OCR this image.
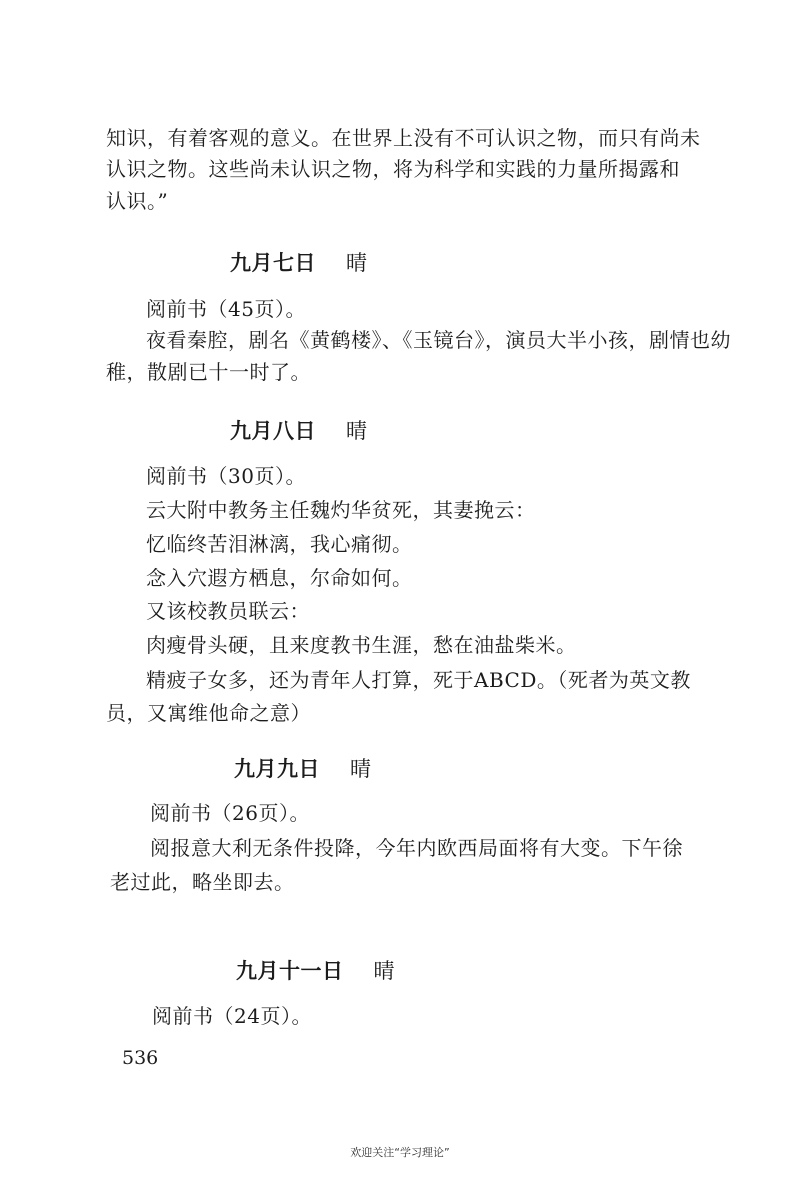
知识，有着客观的意义。在世界上没有不可认识之物，而只有尚未
认识之物。这些尚未认识之物，将为科学和实践的力量所揭露和
认识。”
九月七日 晴
阅前书（45页）。
夜看秦腔，剧名《黄鹤楼》、《玉镜台》，演员大半小孩，剧情也幼
稚，散剧已十一时了。
九月八日 晴
阅前书（30页）。
云大附中教务主任魏灼华贫死，其妻挽云：
忆临终苦泪淋漓，我心痛彻。
念入穴遐方栖息，尔命如何。
又该校教员联云：
肉瘦骨头硬，且来度教书生涯，愁在油盐柴米。
精疲子女多，还为青年人打算，死于ABCD。（死者为英文教
员，又寓维他命之意）
九月九日 晴
阅前书（26页）。
阅报意大利无条件投降，今年内欧西局面将有大变。下午徐
老过此，略坐即去。
九月十一日 晴
阅前书（24页）。
536
欢迎关注“学习理论”
